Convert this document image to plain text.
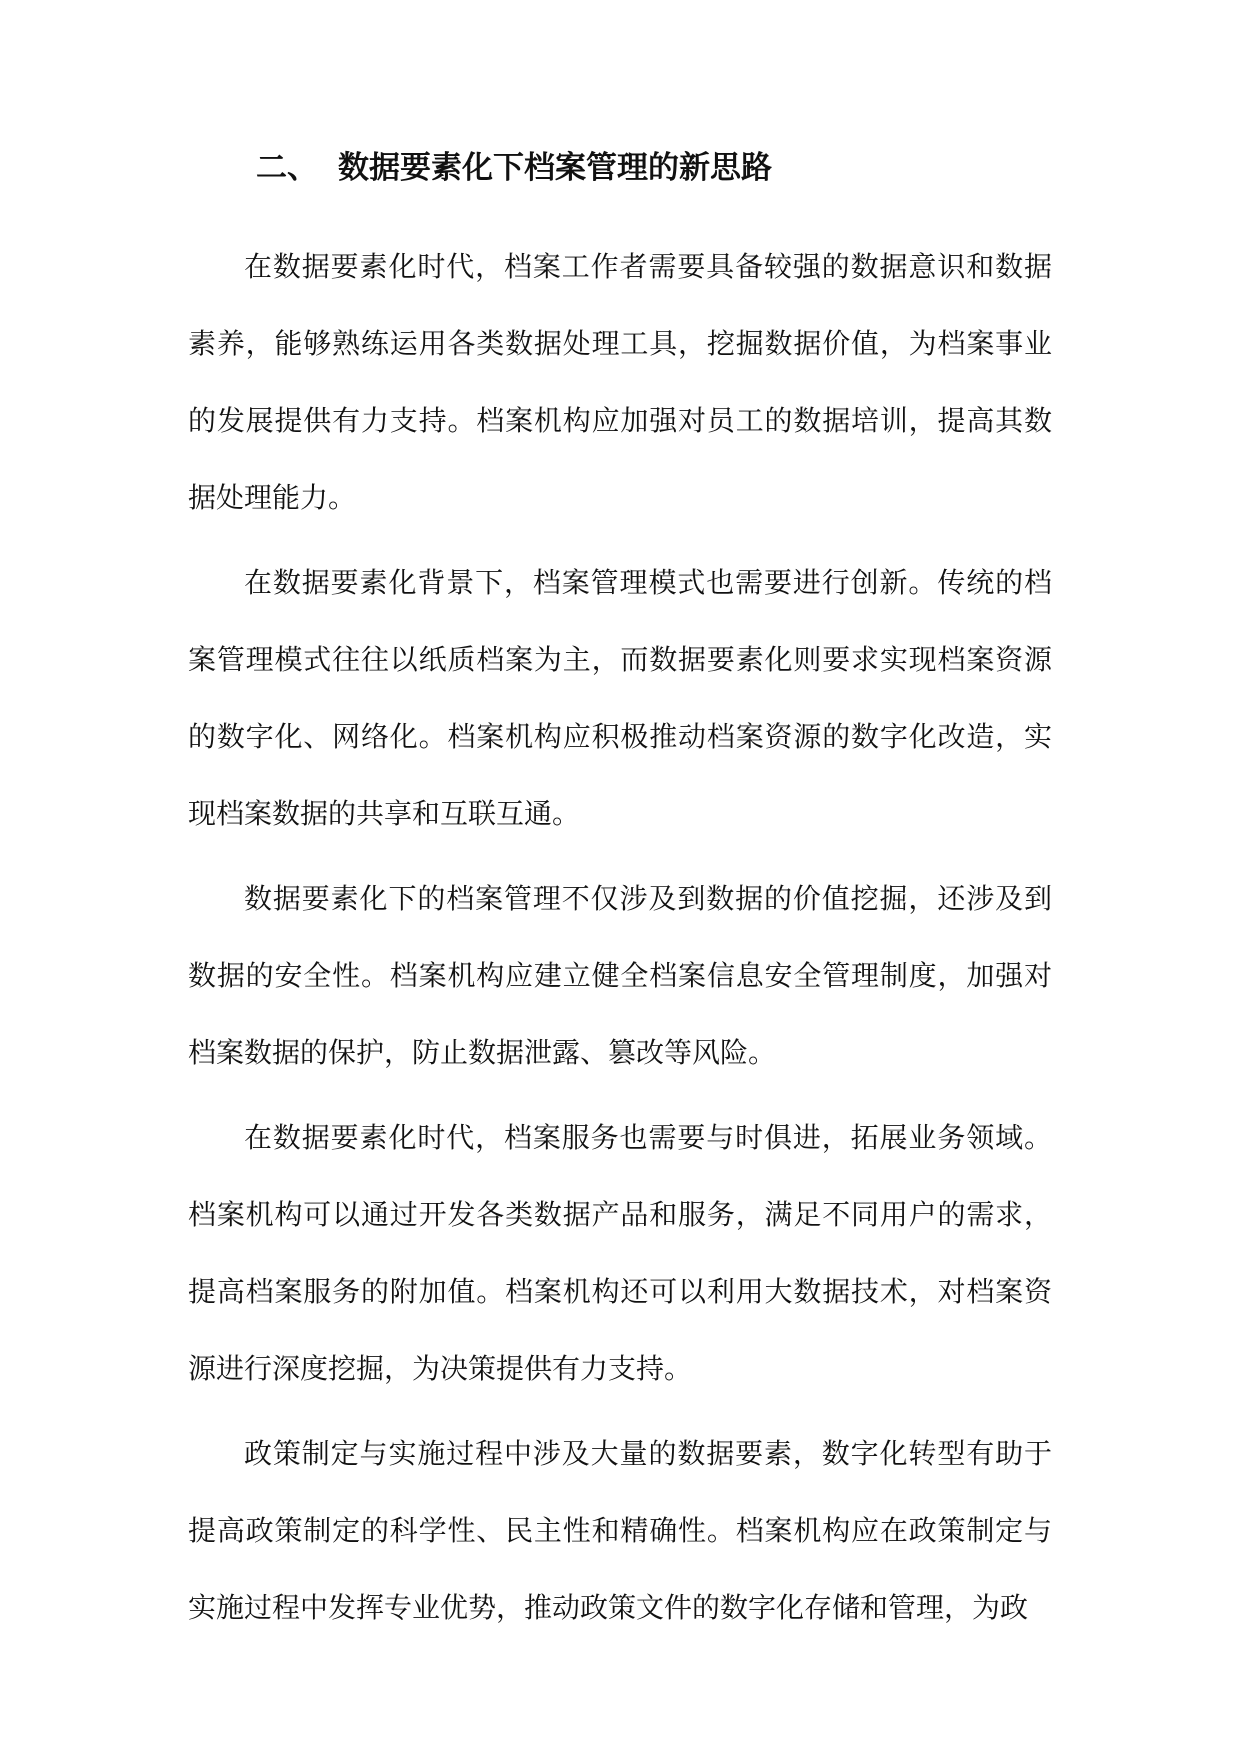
二、 数据要素化下档案管理的新思路

在数据要素化时代，档案工作者需要具备较强的数据意识和数据素养，能够熟练运用各类数据处理工具，挖掘数据价值，为档案事业的发展提供有力支持。档案机构应加强对员工的数据培训，提高其数据处理能力。

在数据要素化背景下，档案管理模式也需要进行创新。传统的档案管理模式往往以纸质档案为主，而数据要素化则要求实现档案资源的数字化、网络化。档案机构应积极推动档案资源的数字化改造，实现档案数据的共享和互联互通。

数据要素化下的档案管理不仅涉及到数据的价值挖掘，还涉及到数据的安全性。档案机构应建立健全档案信息安全管理制度，加强对档案数据的保护，防止数据泄露、篡改等风险。

在数据要素化时代，档案服务也需要与时俱进，拓展业务领域。档案机构可以通过开发各类数据产品和服务，满足不同用户的需求，提高档案服务的附加值。档案机构还可以利用大数据技术，对档案资源进行深度挖掘，为决策提供有力支持。

政策制定与实施过程中涉及大量的数据要素，数字化转型有助于提高政策制定的科学性、民主性和精确性。档案机构应在政策制定与实施过程中发挥专业优势，推动政策文件的数字化存储和管理，为政
